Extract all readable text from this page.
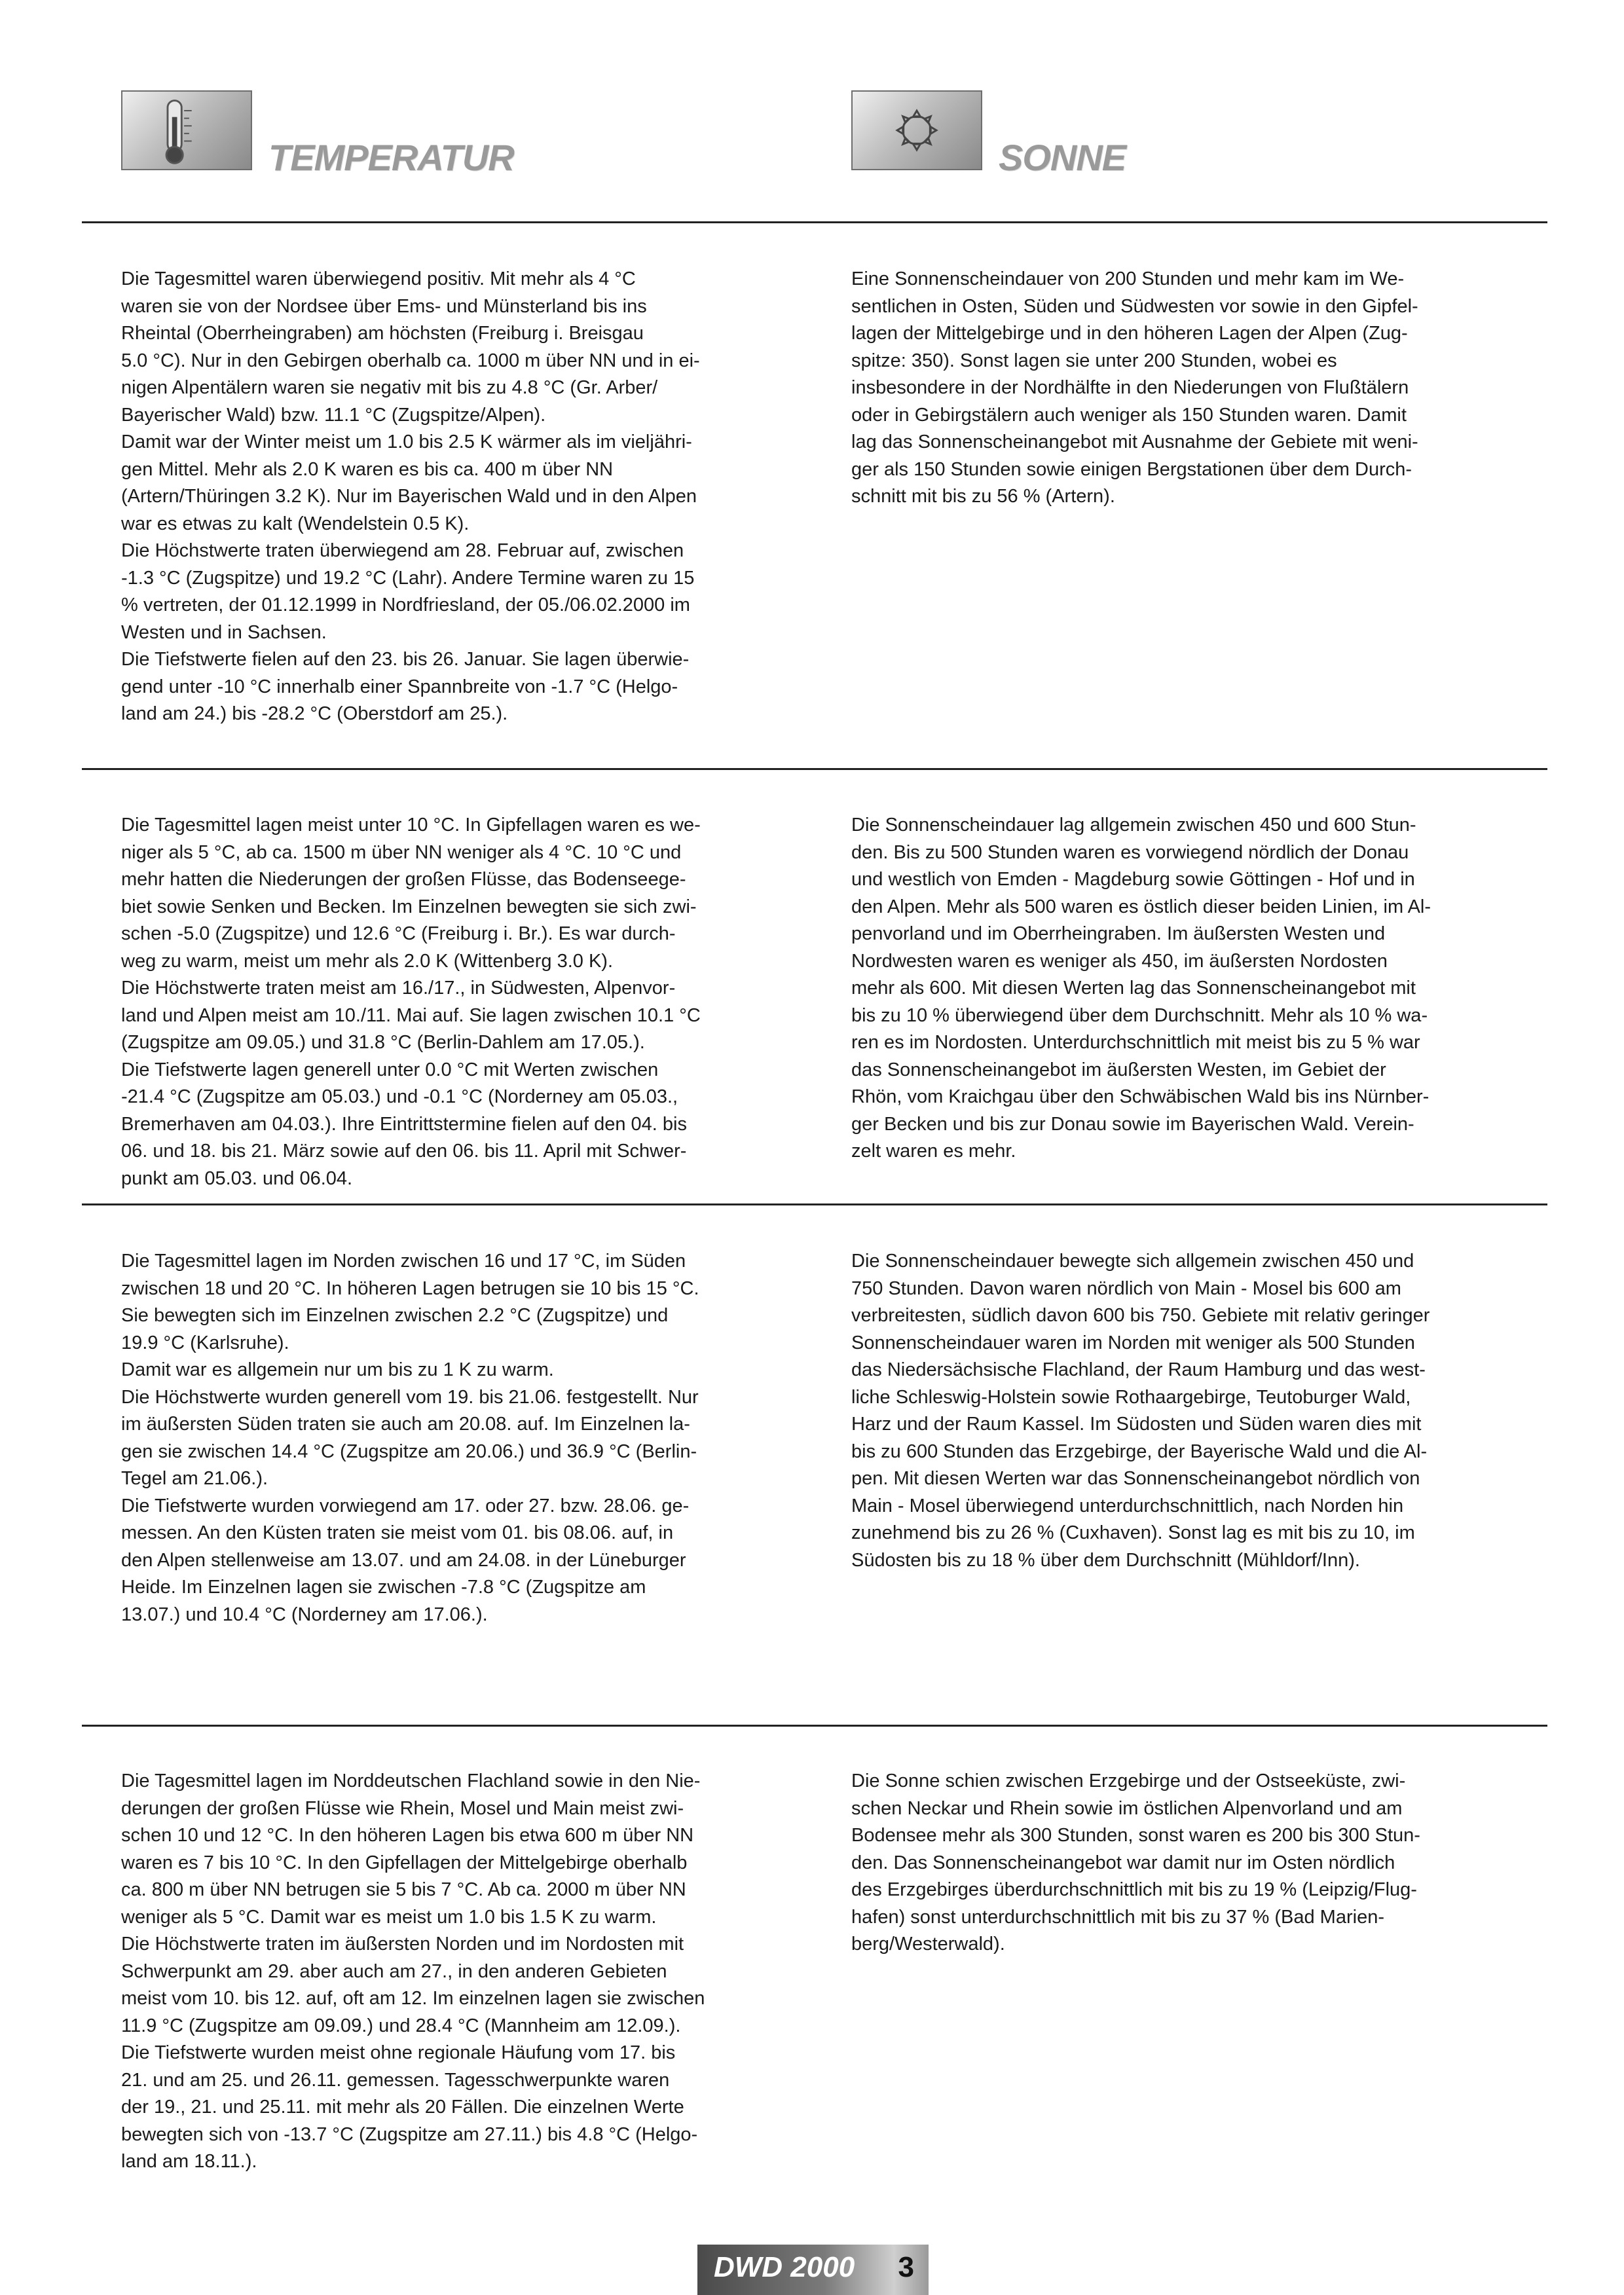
TEMPERATUR	SONNE

Die Tagesmittel waren überwiegend positiv. Mit mehr als 4 °C
waren sie von der Nordsee über Ems- und Münsterland bis ins
Rheintal (Oberrheingraben) am höchsten (Freiburg i. Breisgau
5.0 °C). Nur in den Gebirgen oberhalb ca. 1000 m über NN und in ei-
nigen Alpentälern waren sie negativ mit bis zu 4.8 °C (Gr. Arber/
Bayerischer Wald) bzw. 11.1 °C (Zugspitze/Alpen).
Damit war der Winter meist um 1.0 bis 2.5 K wärmer als im vieljähri-
gen Mittel. Mehr als 2.0 K waren es bis ca. 400 m über NN
(Artern/Thüringen 3.2 K). Nur im Bayerischen Wald und in den Alpen
war es etwas zu kalt (Wendelstein 0.5 K).
Die Höchstwerte traten überwiegend am 28. Februar auf, zwischen
-1.3 °C (Zugspitze) und 19.2 °C (Lahr). Andere Termine waren zu 15
% vertreten, der 01.12.1999 in Nordfriesland, der 05./06.02.2000 im
Westen und in Sachsen.
Die Tiefstwerte fielen auf den 23. bis 26. Januar. Sie lagen überwie-
gend unter -10 °C innerhalb einer Spannbreite von -1.7 °C (Helgo-
land am 24.) bis -28.2 °C (Oberstdorf am 25.).

Eine Sonnenscheindauer von 200 Stunden und mehr kam im We-
sentlichen in Osten, Süden und Südwesten vor sowie in den Gipfel-
lagen der Mittelgebirge und in den höheren Lagen der Alpen (Zug-
spitze: 350). Sonst lagen sie unter 200 Stunden, wobei es
insbesondere in der Nordhälfte in den Niederungen von Flußtälern
oder in Gebirgstälern auch weniger als 150 Stunden waren. Damit
lag das Sonnenscheinangebot mit Ausnahme der Gebiete mit weni-
ger als 150 Stunden sowie einigen Bergstationen über dem Durch-
schnitt mit bis zu 56 % (Artern).

Die Tagesmittel lagen meist unter 10 °C. In Gipfellagen waren es we-
niger als 5 °C, ab ca. 1500 m über NN weniger als 4 °C. 10 °C und
mehr hatten die Niederungen der großen Flüsse, das Bodenseege-
biet sowie Senken und Becken. Im Einzelnen bewegten sie sich zwi-
schen -5.0 (Zugspitze) und 12.6 °C (Freiburg i. Br.). Es war durch-
weg zu warm, meist um mehr als 2.0 K (Wittenberg 3.0 K).
Die Höchstwerte traten meist am 16./17., in Südwesten, Alpenvor-
land und Alpen meist am 10./11. Mai auf. Sie lagen zwischen 10.1 °C
(Zugspitze am 09.05.) und 31.8 °C (Berlin-Dahlem am 17.05.).
Die Tiefstwerte lagen generell unter 0.0 °C mit Werten zwischen
-21.4 °C (Zugspitze am 05.03.) und -0.1 °C (Norderney am 05.03.,
Bremerhaven am 04.03.). Ihre Eintrittstermine fielen auf den 04. bis
06. und 18. bis 21. März sowie auf den 06. bis 11. April mit Schwer-
punkt am 05.03. und 06.04.

Die Sonnenscheindauer lag allgemein zwischen 450 und 600 Stun-
den. Bis zu 500 Stunden waren es vorwiegend nördlich der Donau
und westlich von Emden - Magdeburg sowie Göttingen - Hof und in
den Alpen. Mehr als 500 waren es östlich dieser beiden Linien, im Al-
penvorland und im Oberrheingraben. Im äußersten Westen und
Nordwesten waren es weniger als 450, im äußersten Nordosten
mehr als 600. Mit diesen Werten lag das Sonnenscheinangebot mit
bis zu 10 % überwiegend über dem Durchschnitt. Mehr als 10 % wa-
ren es im Nordosten. Unterdurchschnittlich mit meist bis zu 5 % war
das Sonnenscheinangebot im äußersten Westen, im Gebiet der
Rhön, vom Kraichgau über den Schwäbischen Wald bis ins Nürnber-
ger Becken und bis zur Donau sowie im Bayerischen Wald. Verein-
zelt waren es mehr.

Die Tagesmittel lagen im Norden zwischen 16 und 17 °C, im Süden
zwischen 18 und 20 °C. In höheren Lagen betrugen sie 10 bis 15 °C.
Sie bewegten sich im Einzelnen zwischen 2.2 °C (Zugspitze) und
19.9 °C (Karlsruhe).
Damit war es allgemein nur um bis zu 1 K zu warm.
Die Höchstwerte wurden generell vom 19. bis 21.06. festgestellt. Nur
im äußersten Süden traten sie auch am 20.08. auf. Im Einzelnen la-
gen sie zwischen 14.4 °C (Zugspitze am 20.06.) und 36.9 °C (Berlin-
Tegel am 21.06.).
Die Tiefstwerte wurden vorwiegend am 17. oder 27. bzw. 28.06. ge-
messen. An den Küsten traten sie meist vom 01. bis 08.06. auf, in
den Alpen stellenweise am 13.07. und am 24.08. in der Lüneburger
Heide. Im Einzelnen lagen sie zwischen -7.8 °C (Zugspitze am
13.07.) und 10.4 °C (Norderney am 17.06.).

Die Sonnenscheindauer bewegte sich allgemein zwischen 450 und
750 Stunden. Davon waren nördlich von Main - Mosel bis 600 am
verbreitesten, südlich davon 600 bis 750. Gebiete mit relativ geringer
Sonnenscheindauer waren im Norden mit weniger als 500 Stunden
das Niedersächsische Flachland, der Raum Hamburg und das west-
liche Schleswig-Holstein sowie Rothaargebirge, Teutoburger Wald,
Harz und der Raum Kassel. Im Südosten und Süden waren dies mit
bis zu 600 Stunden das Erzgebirge, der Bayerische Wald und die Al-
pen. Mit diesen Werten war das Sonnenscheinangebot nördlich von
Main - Mosel überwiegend unterdurchschnittlich, nach Norden hin
zunehmend bis zu 26 % (Cuxhaven). Sonst lag es mit bis zu 10, im
Südosten bis zu 18 % über dem Durchschnitt (Mühldorf/Inn).

Die Tagesmittel lagen im Norddeutschen Flachland sowie in den Nie-
derungen der großen Flüsse wie Rhein, Mosel und Main meist zwi-
schen 10 und 12 °C. In den höheren Lagen bis etwa 600 m über NN
waren es 7 bis 10 °C. In den Gipfellagen der Mittelgebirge oberhalb
ca. 800 m über NN betrugen sie 5 bis 7 °C. Ab ca. 2000 m über NN
weniger als 5 °C. Damit war es meist um 1.0 bis 1.5 K zu warm.
Die Höchstwerte traten im äußersten Norden und im Nordosten mit
Schwerpunkt am 29. aber auch am 27., in den anderen Gebieten
meist vom 10. bis 12. auf, oft am 12. Im einzelnen lagen sie zwischen
11.9 °C (Zugspitze am 09.09.) und 28.4 °C (Mannheim am 12.09.).
Die Tiefstwerte wurden meist ohne regionale Häufung vom 17. bis
21. und am 25. und 26.11. gemessen. Tagesschwerpunkte waren
der 19., 21. und 25.11. mit mehr als 20 Fällen. Die einzelnen Werte
bewegten sich von -13.7 °C (Zugspitze am 27.11.) bis 4.8 °C (Helgo-
land am 18.11.).

Die Sonne schien zwischen Erzgebirge und der Ostseeküste, zwi-
schen Neckar und Rhein sowie im östlichen Alpenvorland und am
Bodensee mehr als 300 Stunden, sonst waren es 200 bis 300 Stun-
den. Das Sonnenscheinangebot war damit nur im Osten nördlich
des Erzgebirges überdurchschnittlich mit bis zu 19 % (Leipzig/Flug-
hafen) sonst unterdurchschnittlich mit bis zu 37 % (Bad Marien-
berg/Westerwald).

DWD 2000 3
